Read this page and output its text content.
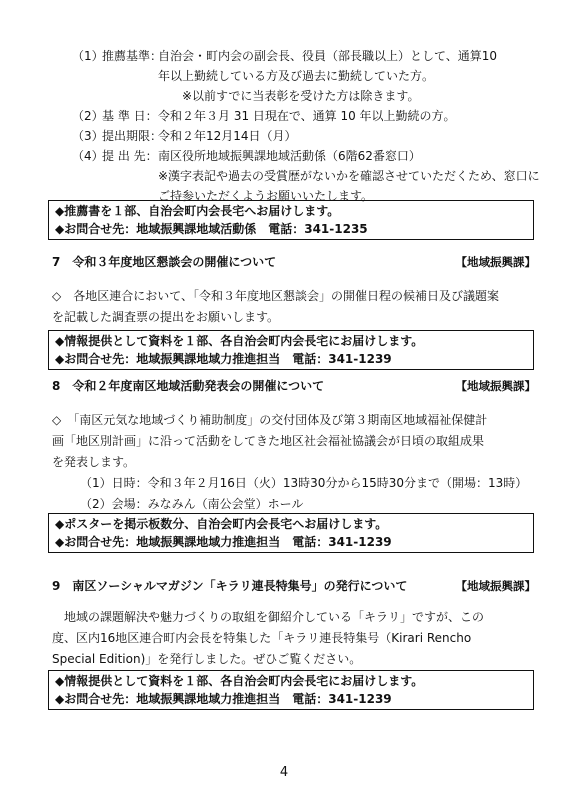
（1）
推薦基準：
自治会・町内会の副会長、役員（部長職以上）として、通算10
年以上勤続している方及び過去に勤続していた方。
　　※以前すでに当表彰を受けた方は除きます。
（2）
基 準 日： 令和２年３月 31 日現在で、通算 10 年以上勤続の方。
（3）
提出期限：
令和２年12月14日（月）
（4）
提 出 先： 南区役所地域振興課地域活動係（6階62番窓口）
※漢字表記や過去の受賞歴がないかを確認させていただくため、窓口に
ご持参いただくようお願いいたします。
◆推薦書を１部、自治会町内会長宅へお届けします。
◆お問合せ先：地域振興課地域活動係　電話：341-1235
7　 令和３年度地区懇談会の開催について	【地域振興課】
◇　各地区連合において、「令和３年度地区懇談会」の開催日程の候補日及び議題案
を記載した調査票の提出をお願いします。
◆情報提供として資料を１部、各自治会町内会長宅にお届けします。
◆お問合せ先：地域振興課地域力推進担当　電話：341-1239
8　 令和２年度南区地域活動発表会の開催について	【地域振興課】
◇　「南区元気な地域づくり補助制度」の交付団体及び第３期南区地域福祉保健計
画「地区別計画」に沿って活動をしてきた地区社会福祉協議会が日頃の取組成果
を発表します。
（1）日時：令和３年２月16日（火）13時30分から15時30分まで（開場：13時）
（2）会場：みなみん（南公会堂）ホール
◆ポスターを掲示板数分、自治会町内会長宅へお届けします。
◆お問合せ先：地域振興課地域力推進担当　電話：341-1239
9　 南区ソーシャルマガジン「キラリ連長特集号」の発行について	【地域振興課】
　地域の課題解決や魅力づくりの取組を御紹介している「キラリ」ですが、この
度、区内16地区連合町内会長を特集した「キラリ連長特集号（Kirari Rencho
Special Edition)」を発行しました。ぜひご覧ください。
◆情報提供として資料を１部、各自治会町内会長宅にお届けします。
◆お問合せ先：地域振興課地域力推進担当　電話：341-1239
4
